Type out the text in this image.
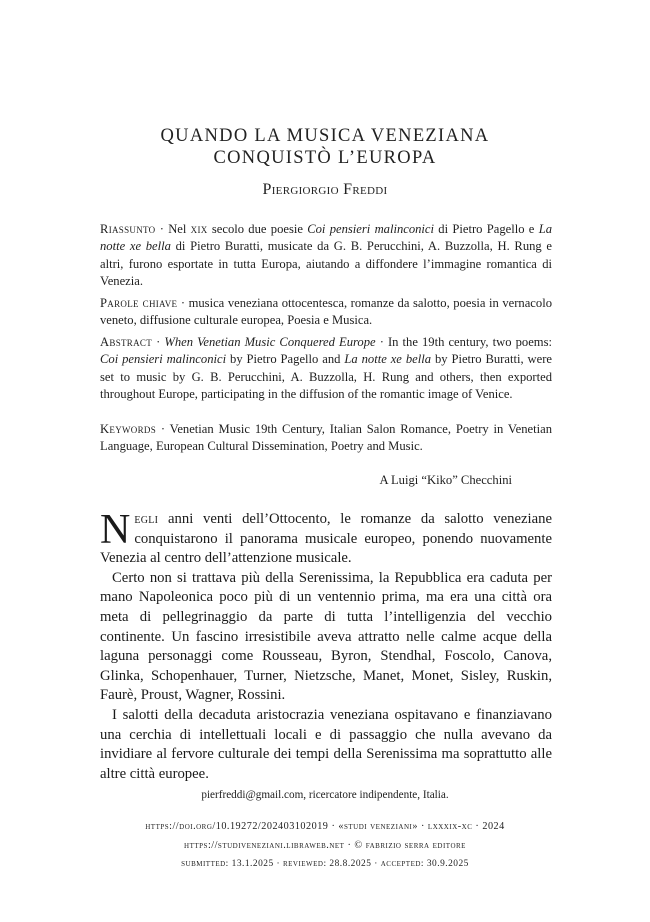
QUANDO LA MUSICA VENEZIANA
CONQUISTÒ L’EUROPA
Piergiorgio Freddi
Riassunto · Nel xix secolo due poesie Coi pensieri malinconici di Pietro Pagello e La notte xe bella di Pietro Buratti, musicate da G. B. Perucchini, A. Buzzolla, H. Rung e altri, furono esportate in tutta Europa, aiutando a diffondere l’immagine romantica di Venezia.
Parole chiave · musica veneziana ottocentesca, romanze da salotto, poesia in vernacolo veneto, diffusione culturale europea, Poesia e Musica.
Abstract · When Venetian Music Conquered Europe · In the 19th century, two poems: Coi pensieri malinconici by Pietro Pagello and La notte xe bella by Pietro Buratti, were set to music by G. B. Perucchini, A. Buzzolla, H. Rung and others, then exported throughout Europe, participating in the diffusion of the romantic image of Venice.
Keywords · Venetian Music 19th Century, Italian Salon Romance, Poetry in Venetian Language, European Cultural Dissemination, Poetry and Music.
A Luigi “Kiko” Checchini

Negli anni venti dell’Ottocento, le romanze da salotto veneziane conquistarono il panorama musicale europeo, ponendo nuovamente Venezia al centro dell’attenzione musicale.

Certo non si trattava più della Serenissima, la Repubblica era caduta per mano Napoleonica poco più di un ventennio prima, ma era una città ora meta di pellegrinaggio da parte di tutta l’intelligenzia del vecchio continente. Un fascino irresistibile aveva attratto nelle calme acque della laguna personaggi come Rousseau, Byron, Stendhal, Foscolo, Canova, Glinka, Schopenhauer, Turner, Nietzsche, Manet, Monet, Sisley, Ruskin, Faurè, Proust, Wagner, Rossini.

I salotti della decaduta aristocrazia veneziana ospitavano e finanziavano una cerchia di intellettuali locali e di passaggio che nulla avevano da invidiare al fervore culturale dei tempi della Serenissima ma soprattutto alle altre città europee.

pierfreddi@gmail.com, ricercatore indipendente, Italia.
https://doi.org/10.19272/202403102019 · «studi veneziani» · lxxxix-xc · 2024
https://studiveneziani.libraweb.net · © fabrizio serra editore
submitted: 13.1.2025 · reviewed: 28.8.2025 · accepted: 30.9.2025
